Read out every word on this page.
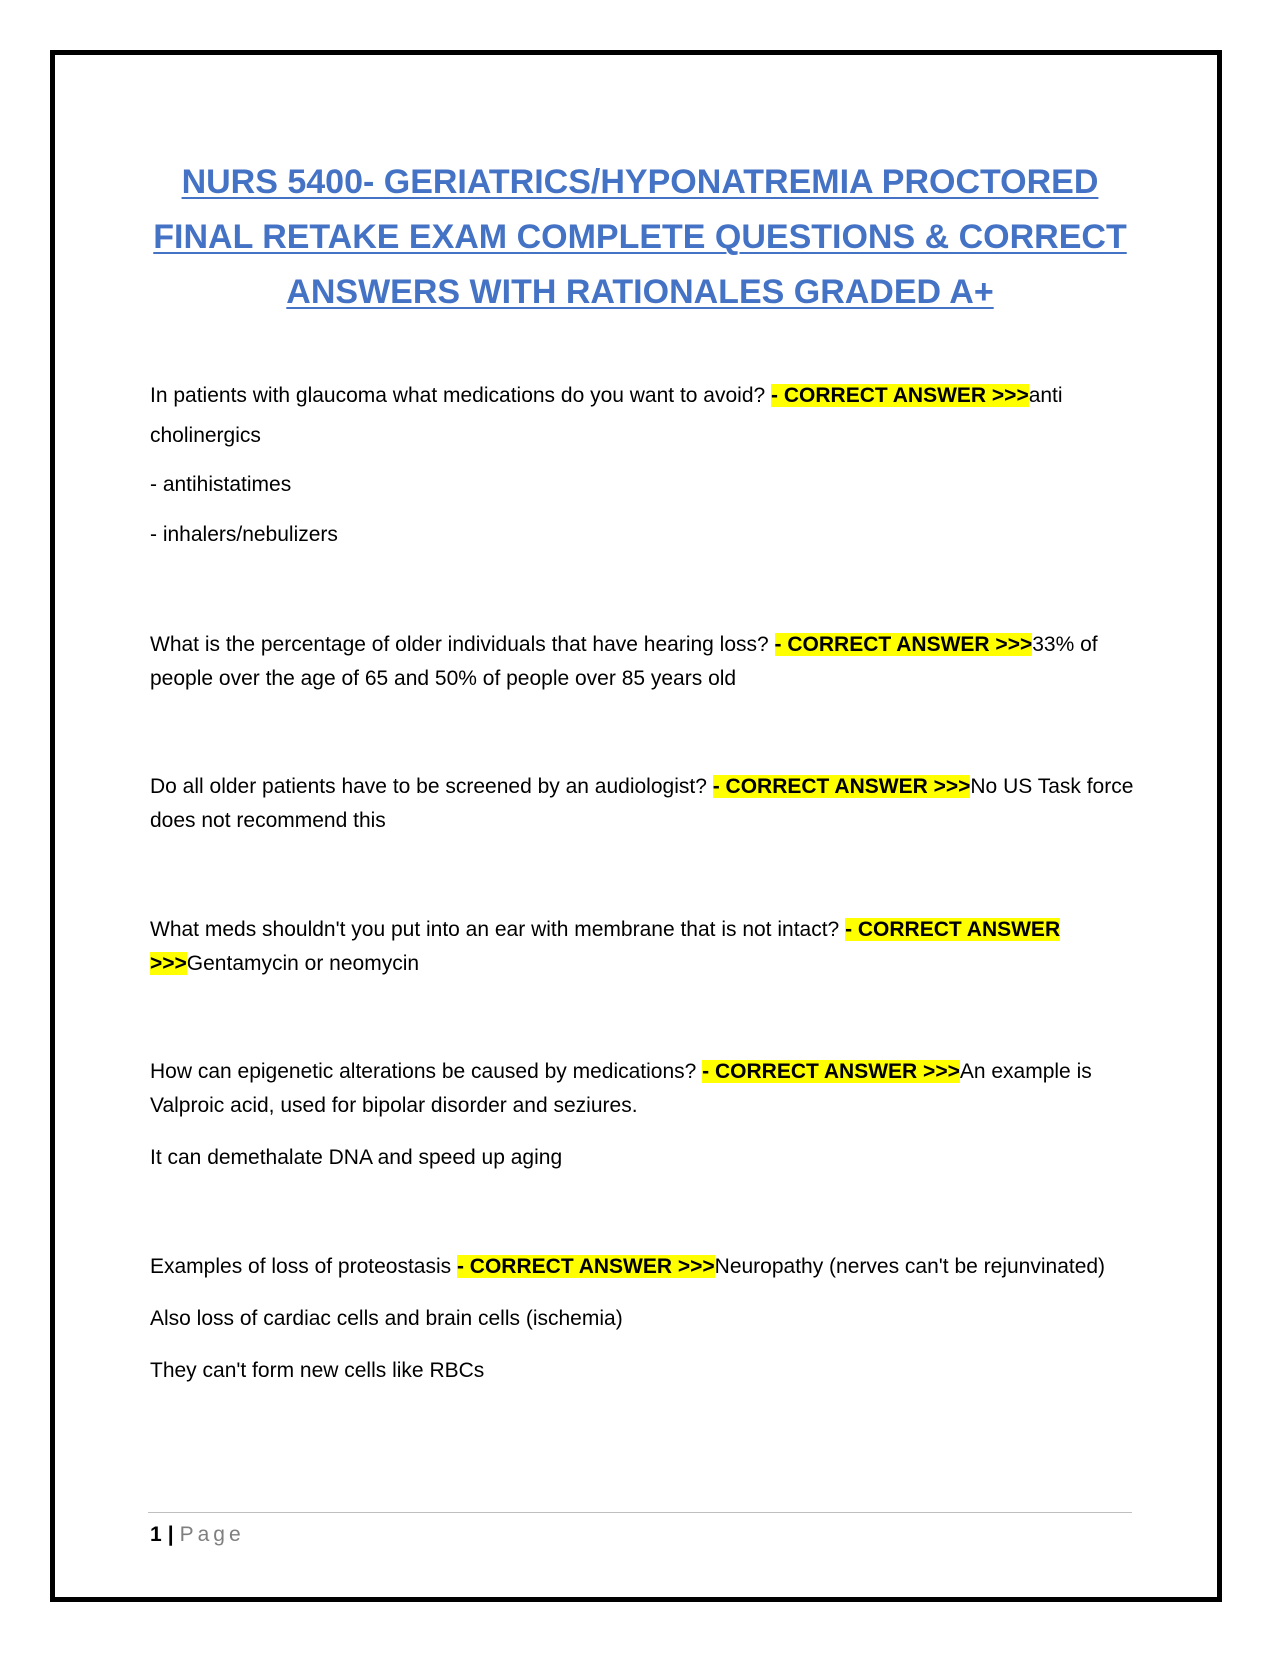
NURS 5400- GERIATRICS/HYPONATREMIA PROCTORED FINAL RETAKE EXAM COMPLETE QUESTIONS & CORRECT ANSWERS WITH RATIONALES GRADED A+

In patients with glaucoma what medications do you want to avoid? - CORRECT ANSWER >>>anti cholinergics

- antihistatimes

- inhalers/nebulizers

What is the percentage of older individuals that have hearing loss? - CORRECT ANSWER >>>33% of people over the age of 65 and 50% of people over 85 years old

Do all older patients have to be screened by an audiologist? - CORRECT ANSWER >>>No US Task force does not recommend this

What meds shouldn't you put into an ear with membrane that is not intact? - CORRECT ANSWER >>>Gentamycin or neomycin

How can epigenetic alterations be caused by medications? - CORRECT ANSWER >>>An example is Valproic acid, used for bipolar disorder and seziures.

It can demethalate DNA and speed up aging

Examples of loss of proteostasis - CORRECT ANSWER >>>Neuropathy (nerves can't be rejunvinated)

Also loss of cardiac cells and brain cells (ischemia)

They can't form new cells like RBCs

1 | Page
